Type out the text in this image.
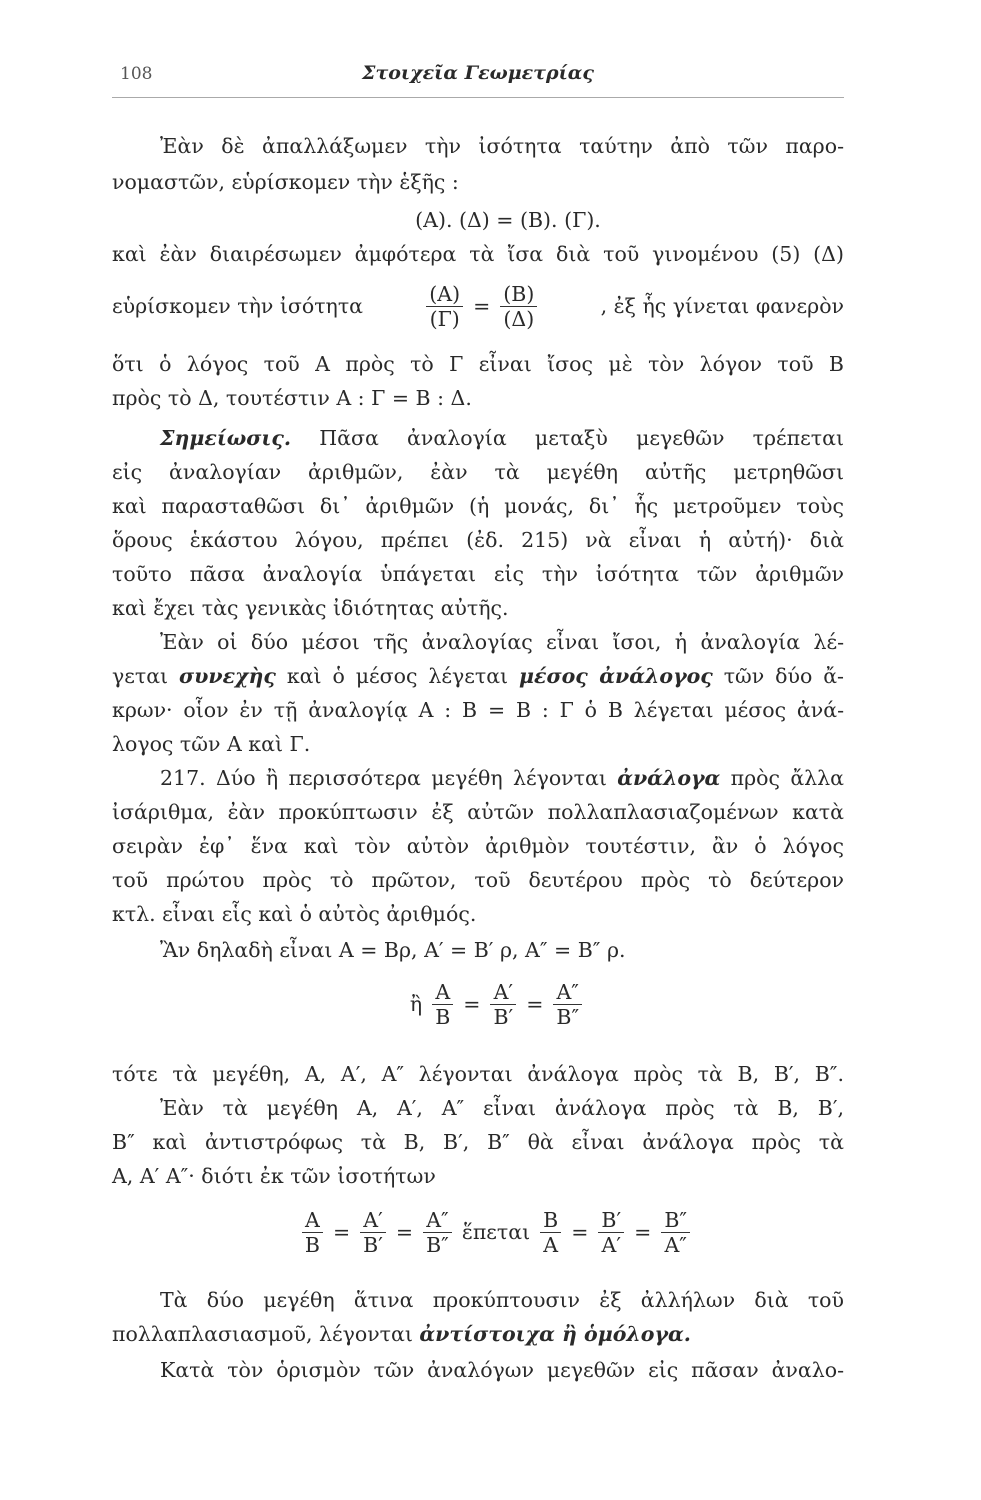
108	Στοιχεῖα Γεωμετρίας
Ἐὰν δὲ ἀπαλλάξωμεν τὴν ἰσότητα ταύτην ἀπὸ τῶν παρο-
νομαστῶν, εὑρίσκομεν τὴν ἑξῆς :
(Α). (Δ) = (Β). (Γ).
καὶ ἐὰν διαιρέσωμεν ἀμφότερα τὰ ἴσα διὰ τοῦ γινομένου (5) (Δ)
εὑρίσκομεν τὴν ἰσότητα	$\frac{(A)}{(\Gamma)} = \frac{(B)}{(\Delta)}$	, ἐξ ἧς γίνεται φανερὸν
ὅτι ὁ λόγος τοῦ Α πρὸς τὸ Γ εἶναι ἴσος μὲ τὸν λόγον τοῦ Β
πρὸς τὸ Δ, τουτέστιν Α : Γ = Β : Δ.
Σημείωσις. Πᾶσα ἀναλογία μεταξὺ μεγεθῶν τρέπεται
εἰς ἀναλογίαν ἀριθμῶν, ἐὰν τὰ μεγέθη αὐτῆς μετρηθῶσι
καὶ παρασταθῶσι δι᾽ ἀριθμῶν (ἡ μονάς, δι᾽ ἧς μετροῦμεν τοὺς
ὅρους ἑκάστου λόγου, πρέπει (ἐδ. 215) νὰ εἶναι ἡ αὐτή)· διὰ
τοῦτο πᾶσα ἀναλογία ὑπάγεται εἰς τὴν ἰσότητα τῶν ἀριθμῶν
καὶ ἔχει τὰς γενικὰς ἰδιότητας αὐτῆς.
Ἐὰν οἱ δύο μέσοι τῆς ἀναλογίας εἶναι ἴσοι, ἡ ἀναλογία λέ-
γεται συνεχὴς καὶ ὁ μέσος λέγεται μέσος ἀνάλογος τῶν δύο ἄ-
κρων· οἷον ἐν τῇ ἀναλογίᾳ Α : Β = Β : Γ ὁ Β λέγεται μέσος ἀνά-
λογος τῶν Α καὶ Γ.
217. Δύο ἢ περισσότερα μεγέθη λέγονται ἀνάλογα πρὸς ἄλλα
ἰσάριθμα, ἐὰν προκύπτωσιν ἐξ αὐτῶν πολλαπλασιαζομένων κατὰ
σειρὰν ἐφ᾽ ἕνα καὶ τὸν αὐτὸν ἀριθμὸν τουτέστιν, ἂν ὁ λόγος
τοῦ πρώτου πρὸς τὸ πρῶτον, τοῦ δευτέρου πρὸς τὸ δεύτερον
κτλ. εἶναι εἷς καὶ ὁ αὐτὸς ἀριθμός.
Ἂν δηλαδὴ εἶναι Α = Βρ, Α′ = Β′ ρ, Α″ = Β″ ρ.
ἢ $\frac{A}{B} = \frac{A'}{B'} = \frac{A''}{B''}$
τότε τὰ μεγέθη, Α, Α′, Α″ λέγονται ἀνάλογα πρὸς τὰ Β, Β′, Β″.
Ἐὰν τὰ μεγέθη Α, Α′, Α″ εἶναι ἀνάλογα πρὸς τὰ Β, Β′,
Β″ καὶ ἀντιστρόφως τὰ Β, Β′, Β″ θὰ εἶναι ἀνάλογα πρὸς τὰ
Α, Α′ Α″· διότι ἐκ τῶν ἰσοτήτων
$\frac{A}{B} = \frac{A'}{B'} = \frac{A''}{B''}$ ἕπεται $\frac{B}{A} = \frac{B'}{A'} = \frac{B''}{A''}$
Τὰ δύο μεγέθη ἅτινα προκύπτουσιν ἐξ ἀλλήλων διὰ τοῦ
πολλαπλασιασμοῦ, λέγονται ἀντίστοιχα ἢ ὁμόλογα.
Κατὰ τὸν ὁρισμὸν τῶν ἀναλόγων μεγεθῶν εἰς πᾶσαν ἀναλο-
